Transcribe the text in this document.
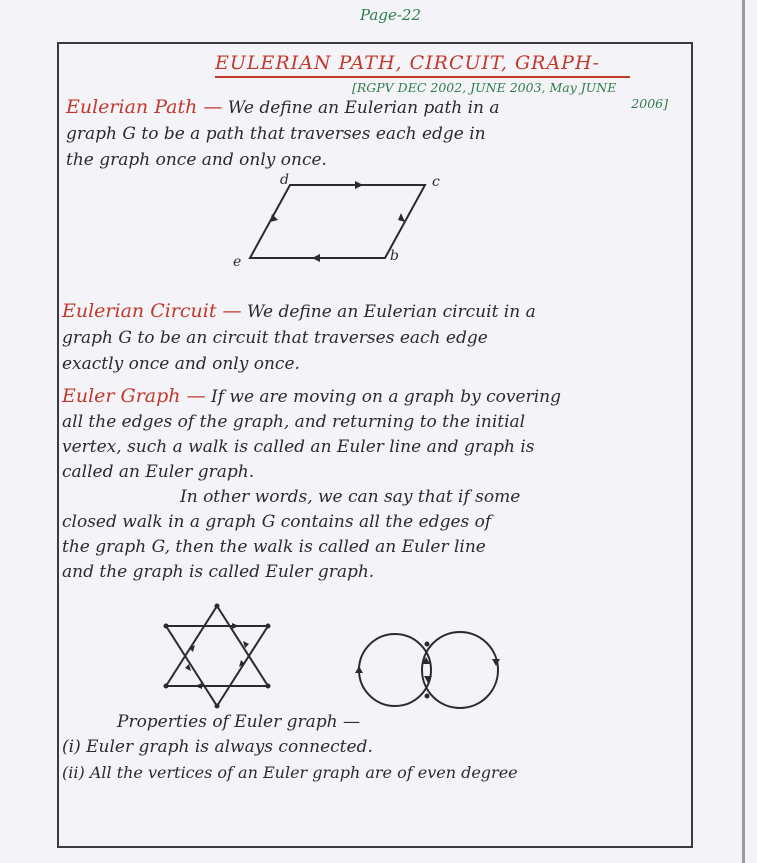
Page-22
EULERIAN PATH, CIRCUIT, GRAPH-
[RGPV DEC 2002, JUNE 2003, May JUNE
2006]
Eulerian Path — We define an Eulerian path in a
graph G to be a path that traverses each edge in
the graph once and only once.
d	c
b
e
Eulerian Circuit — We define an Eulerian circuit in a
graph G to be an circuit that traverses each edge
exactly once and only once.
Euler Graph — If we are moving on a graph by covering
all the edges of the graph, and returning to the initial
vertex, such a walk is called an Euler line and graph is
called an Euler graph.
In other words, we can say that if some
closed walk in a graph G contains all the edges of
the graph G, then the walk is called an Euler line
and the graph is called Euler graph.
Properties of Euler graph —
(i) Euler graph is always connected.
(ii) All the vertices of an Euler graph are of even degree
